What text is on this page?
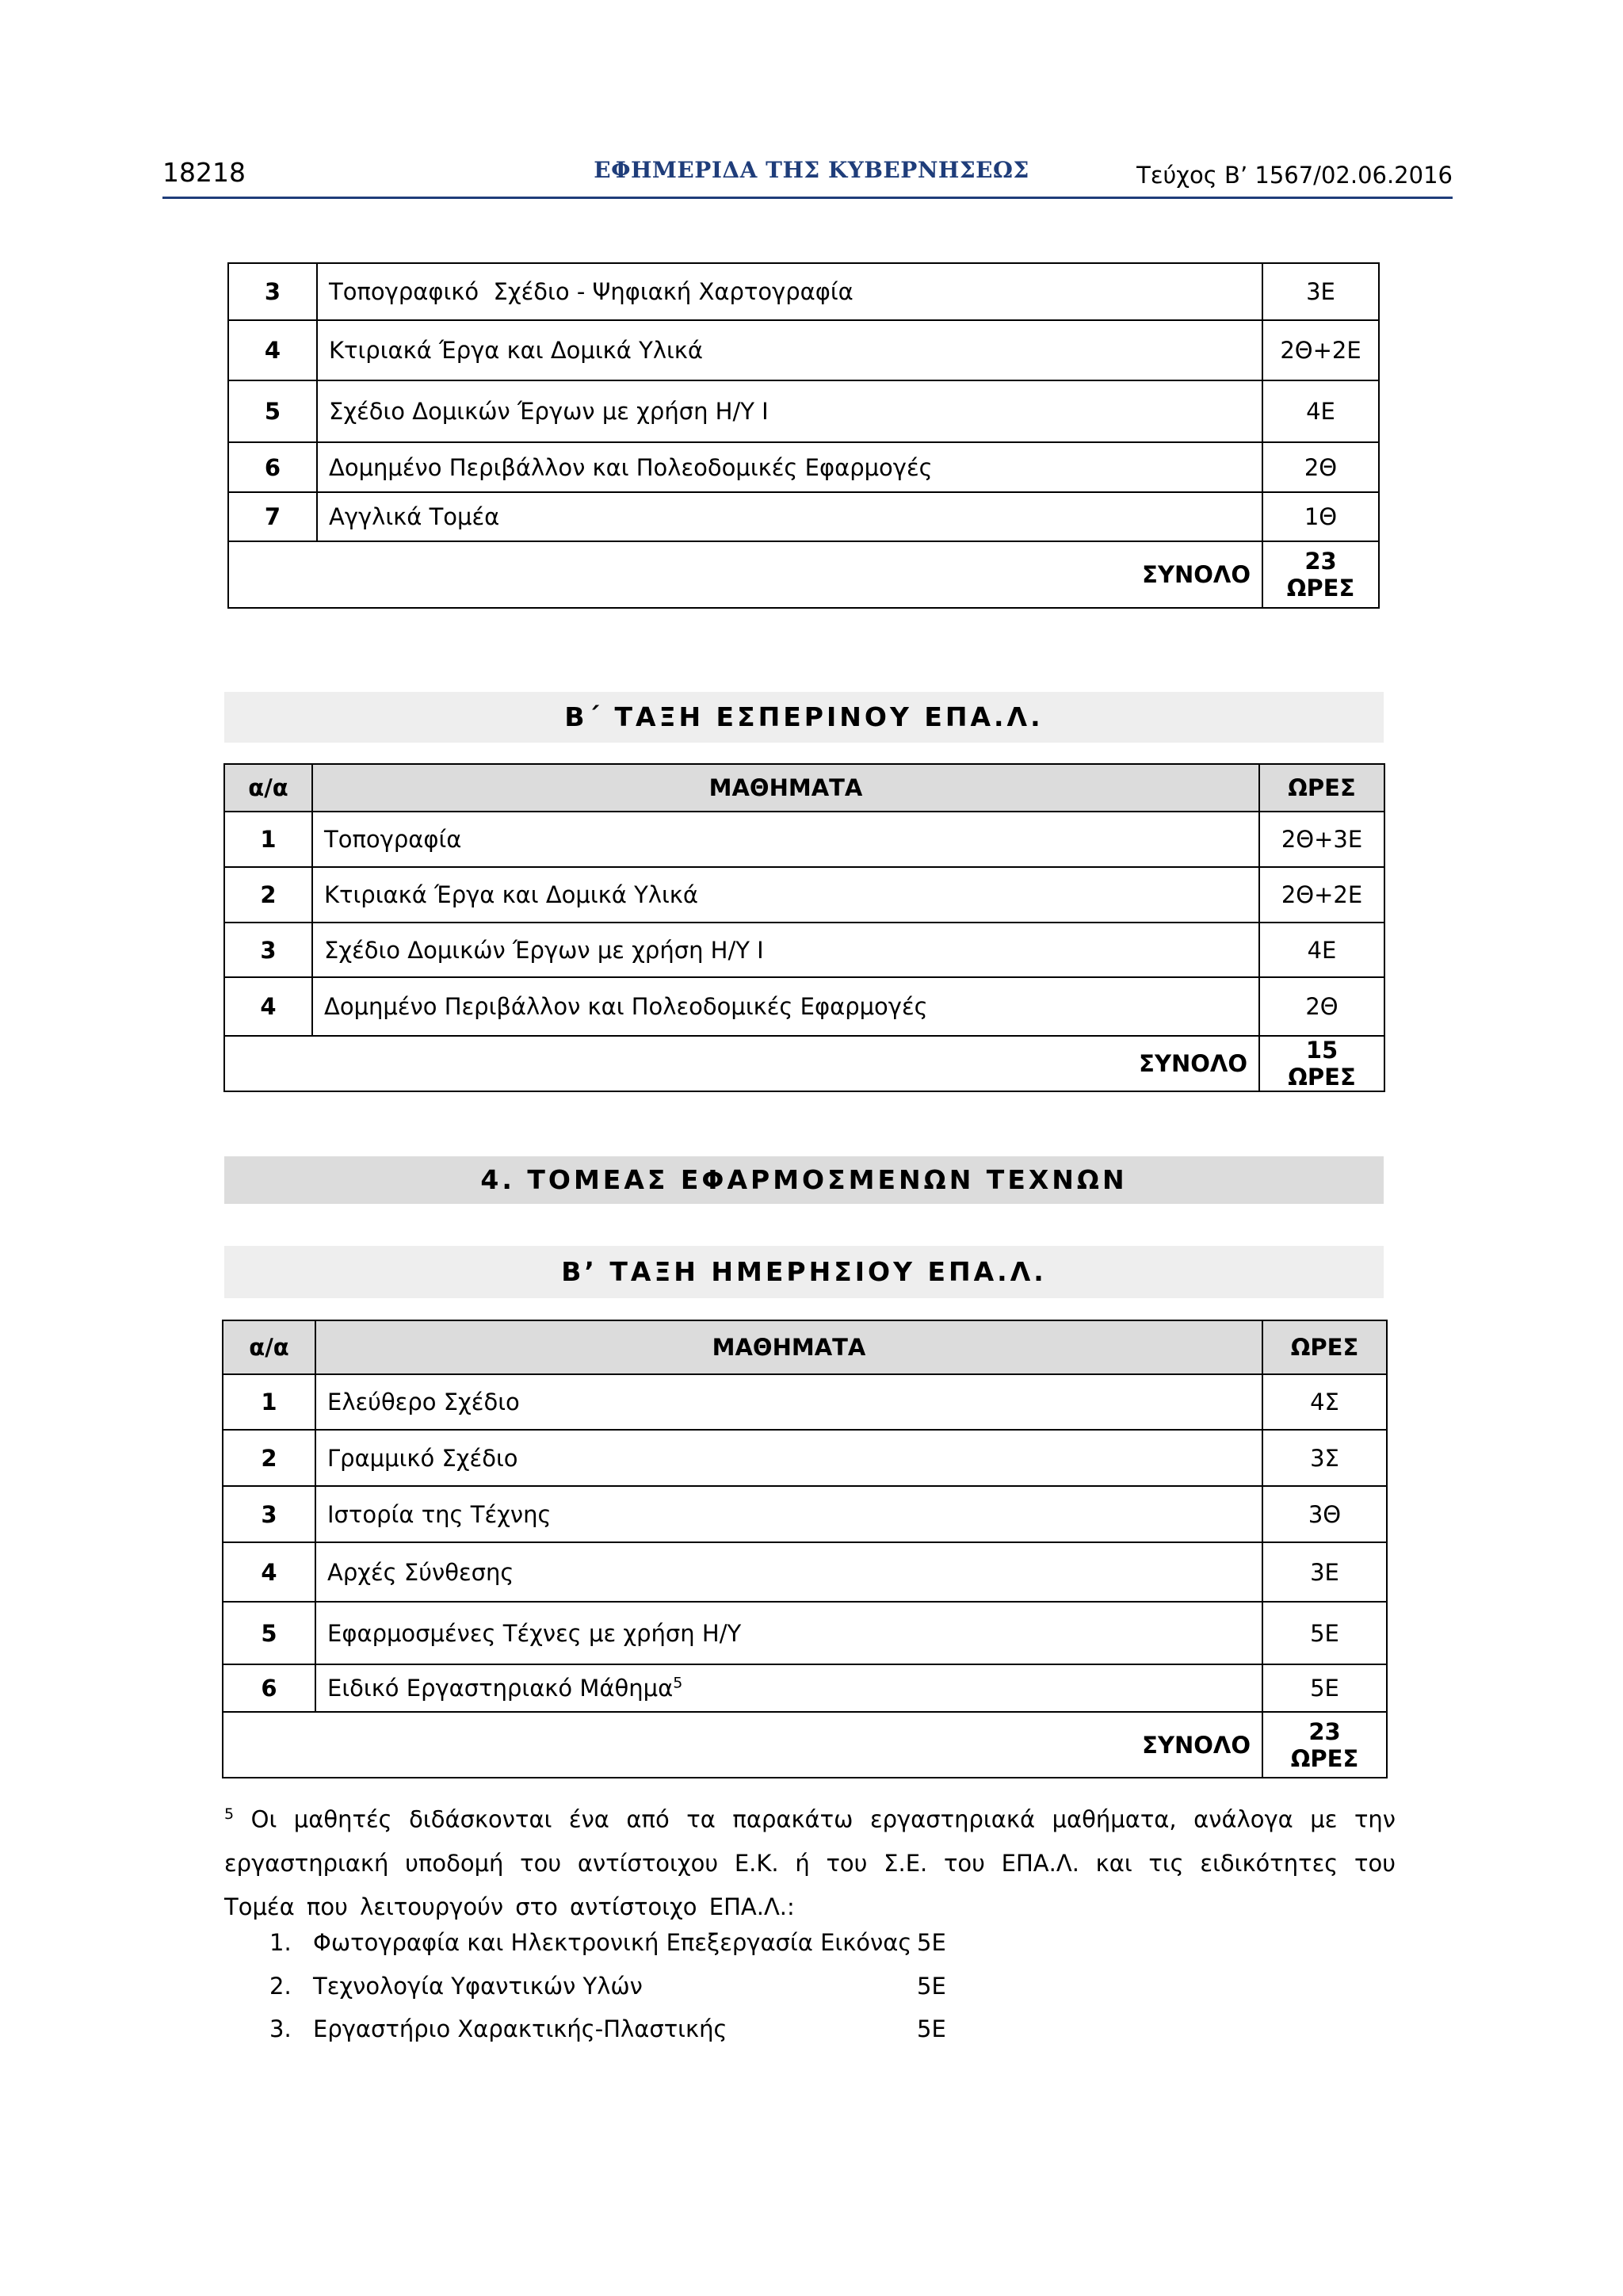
18218	ΕΦΗΜΕΡΙΔΑ ΤΗΣ ΚΥΒΕΡΝΗΣΕΩΣ	Τεύχος Β’ 1567/02.06.2016
3	Τοπογραφικό  Σχέδιο - Ψηφιακή Χαρτογραφία	3Ε
4	Κτιριακά Έργα και Δομικά Υλικά	2Θ+2Ε
5	Σχέδιο Δομικών Έργων με χρήση Η/Υ Ι	4Ε
6	Δομημένο Περιβάλλον και Πολεοδομικές Εφαρμογές	2Θ
7	Αγγλικά Τομέα	1Θ
ΣΥΝΟΛΟ		23 ΩΡΕΣ
Β΄ ΤΑΞΗ ΕΣΠΕΡΙΝΟΥ ΕΠΑ.Λ.
α/α	ΜΑΘΗΜΑΤΑ	ΩΡΕΣ
1	Τοπογραφία	2Θ+3Ε
2	Κτιριακά Έργα και Δομικά Υλικά	2Θ+2Ε
3	Σχέδιο Δομικών Έργων με χρήση Η/Υ Ι	4Ε
4	Δομημένο Περιβάλλον και Πολεοδομικές Εφαρμογές	2Θ
ΣΥΝΟΛΟ		15 ΩΡΕΣ
4. ΤΟΜΕΑΣ ΕΦΑΡΜΟΣΜΕΝΩΝ ΤΕΧΝΩΝ
Β’ ΤΑΞΗ ΗΜΕΡΗΣΙΟΥ ΕΠΑ.Λ.
α/α	ΜΑΘΗΜΑΤΑ	ΩΡΕΣ
1	Ελεύθερο Σχέδιο	4Σ
2	Γραμμικό Σχέδιο	3Σ
3	Ιστορία της Τέχνης	3Θ
4	Αρχές Σύνθεσης	3Ε
5	Εφαρμοσμένες Τέχνες με χρήση Η/Υ	5Ε
6	Ειδικό Εργαστηριακό Μάθημα$^5$	5Ε
ΣΥΝΟΛΟ		23 ΩΡΕΣ
$^5$ Οι μαθητές διδάσκονται ένα από τα παρακάτω εργαστηριακά μαθήματα, ανάλογα με την εργαστηριακή υποδομή του αντίστοιχου Ε.Κ. ή του Σ.Ε. του ΕΠΑ.Λ. και τις ειδικότητες του Τομέα που λειτουργούν στο αντίστοιχο ΕΠΑ.Λ.:
1. Φωτογραφία και Ηλεκτρονική Επεξεργασία Εικόνας 5Ε
2. Τεχνολογία Υφαντικών Υλών	5Ε
3. Εργαστήριο Χαρακτικής-Πλαστικής	5Ε
